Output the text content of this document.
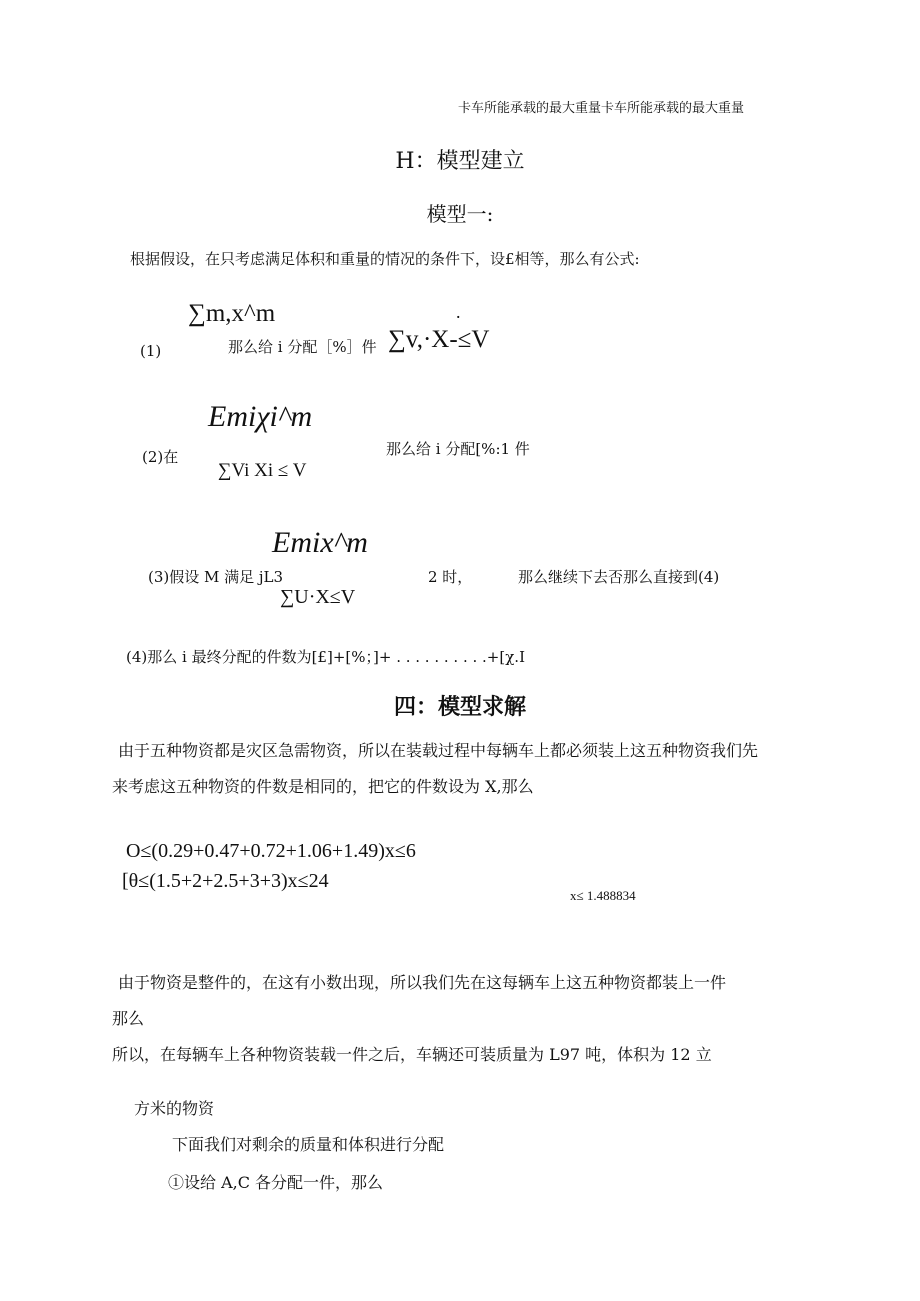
卡车所能承载的最大重量卡车所能承载的最大重量
H：模型建立
模型一:
根据假设，在只考虑满足体积和重量的情况的条件下，设£相等，那么有公式:
∑m,x^m	.
(1)	那么给 i 分配［%］件 ∑v,·X-≤V
Emiχi^m
(2)在	那么给 i 分配[%:1 件
∑Vi Xi ≤ V
Emix^m
(3)假设 M 满足 jL3	2 时，	那么继续下去否那么直接到(4)
∑U·X≤V
(4)那么 i 最终分配的件数为[£]+[%；]+ . . . . . . . . . .+[χ.I
四：模型求解
由于五种物资都是灾区急需物资，所以在装载过程中每辆车上都必须装上这五种物资我们先
来考虑这五种物资的件数是相同的，把它的件数设为 X,那么
O≤(0.29+0.47+0.72+1.06+1.49)x≤6
[θ≤(1.5+2+2.5+3+3)x≤24
x≤ 1.488834
由于物资是整件的，在这有小数出现，所以我们先在这每辆车上这五种物资都装上一件
那么
所以，在每辆车上各种物资装载一件之后，车辆还可装质量为 L97 吨，体积为 12 立
方米的物资
下面我们对剩余的质量和体积进行分配
①设给 A,C 各分配一件，那么
